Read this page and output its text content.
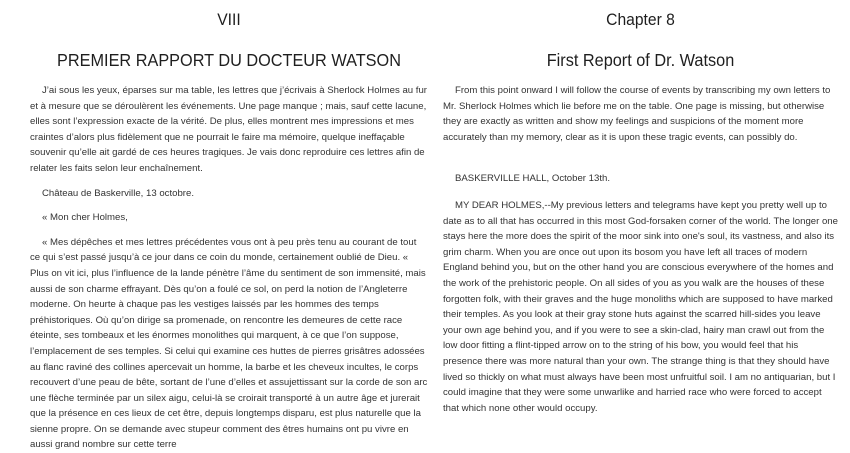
VIII
PREMIER RAPPORT DU DOCTEUR WATSON

J’ai sous les yeux, éparses sur ma table, les lettres que j’écrivais à Sherlock Holmes au fur et à mesure que se déroulèrent les événements. Une page manque ; mais, sauf cette lacune, elles sont l’expression exacte de la vérité. De plus, elles montrent mes impressions et mes craintes d’alors plus fidèlement que ne pourrait le faire ma mémoire, quelque ineffaçable souvenir qu’elle ait gardé de ces heures tragiques. Je vais donc reproduire ces lettres afin de relater les faits selon leur enchaînement.

Château de Baskerville, 13 octobre.

« Mon cher Holmes,

« Mes dépêches et mes lettres précédentes vous ont à peu près tenu au courant de tout ce qui s’est passé jusqu’à ce jour dans ce coin du monde, certainement oublié de Dieu. « Plus on vit ici, plus l’influence de la lande pénètre l’âme du sentiment de son immensité, mais aussi de son charme effrayant. Dès qu’on a foulé ce sol, on perd la notion de l’Angleterre moderne. On heurte à chaque pas les vestiges laissés par les hommes des temps préhistoriques. Où qu’on dirige sa promenade, on rencontre les demeures de cette race éteinte, ses tombeaux et les énormes monolithes qui marquent, à ce que l’on suppose, l’emplacement de ses temples. Si celui qui examine ces huttes de pierres grisâtres adossées au flanc raviné des collines apercevait un homme, la barbe et les cheveux incultes, le corps recouvert d’une peau de bête, sortant de l’une d’elles et assujettissant sur la corde de son arc une flèche terminée par un silex aigu, celui-là se croirait transporté à un autre âge et jurerait que la présence en ces lieux de cet être, depuis longtemps disparu, est plus naturelle que la sienne propre. On se demande avec stupeur comment des êtres humains ont pu vivre en aussi grand nombre sur cette terre

Chapter 8
First Report of Dr. Watson

From this point onward I will follow the course of events by transcribing my own letters to Mr. Sherlock Holmes which lie before me on the table. One page is missing, but otherwise they are exactly as written and show my feelings and suspicions of the moment more accurately than my memory, clear as it is upon these tragic events, can possibly do.

BASKERVILLE HALL, October 13th.

MY DEAR HOLMES,--My previous letters and telegrams have kept you pretty well up to date as to all that has occurred in this most God-forsaken corner of the world. The longer one stays here the more does the spirit of the moor sink into one's soul, its vastness, and also its grim charm. When you are once out upon its bosom you have left all traces of modern England behind you, but on the other hand you are conscious everywhere of the homes and the work of the prehistoric people. On all sides of you as you walk are the houses of these forgotten folk, with their graves and the huge monoliths which are supposed to have marked their temples. As you look at their gray stone huts against the scarred hill-sides you leave your own age behind you, and if you were to see a skin-clad, hairy man crawl out from the low door fitting a flint-tipped arrow on to the string of his bow, you would feel that his presence there was more natural than your own. The strange thing is that they should have lived so thickly on what must always have been most unfruitful soil. I am no antiquarian, but I could imagine that they were some unwarlike and harried race who were forced to accept that which none other would occupy.
